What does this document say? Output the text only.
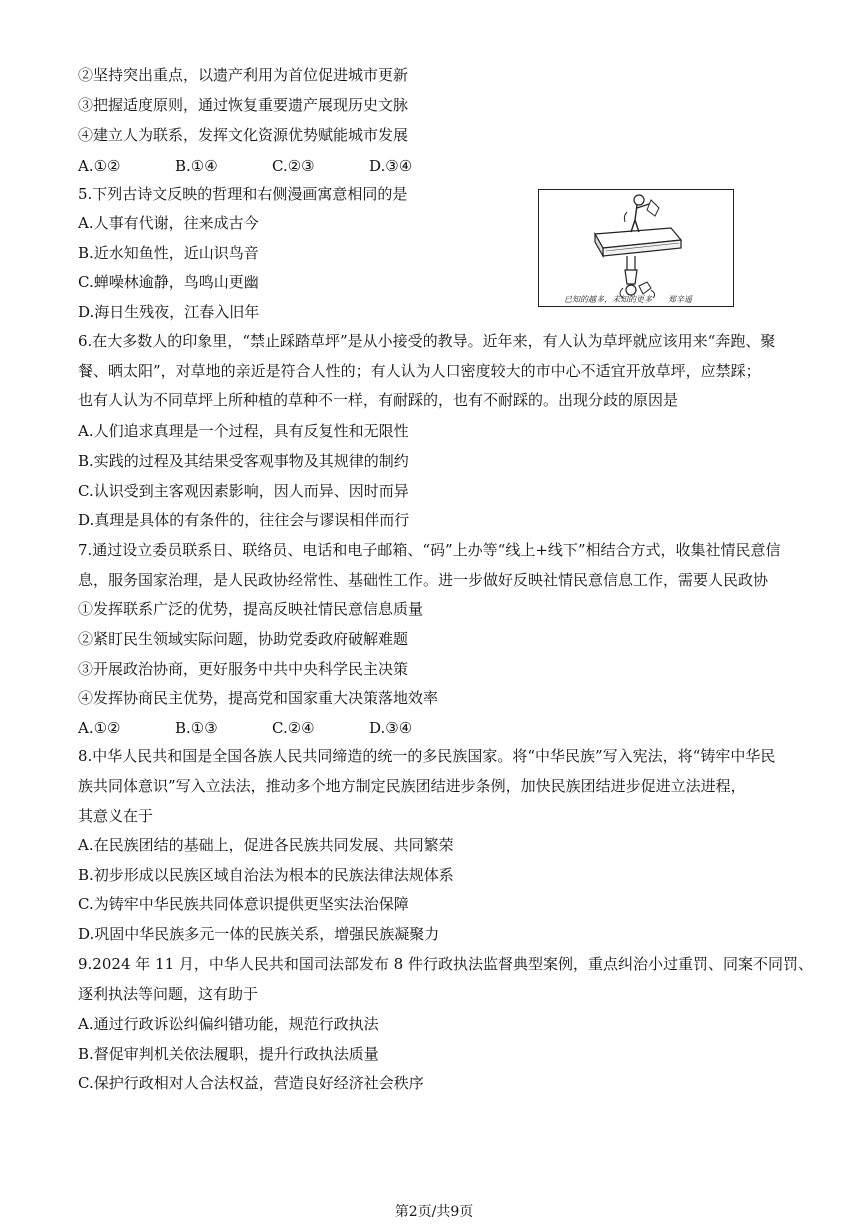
②坚持突出重点，以遗产利用为首位促进城市更新
③把握适度原则，通过恢复重要遗产展现历史文脉
④建立人为联系，发挥文化资源优势赋能城市发展
A.①②	B.①④	C.②③	D.③④
5.下列古诗文反映的哲理和右侧漫画寓意相同的是
A.人事有代谢，往来成古今
B.近水知鱼性，近山识鸟音
C.蝉噪林逾静，鸟鸣山更幽
D.海日生残夜，江春入旧年
已知的越多，未知的更多　　郑辛遥
6.在大多数人的印象里，“禁止踩踏草坪”是从小接受的教导。近年来，有人认为草坪就应该用来“奔跑、聚
餐、晒太阳”，对草地的亲近是符合人性的；有人认为人口密度较大的市中心不适宜开放草坪，应禁踩；
也有人认为不同草坪上所种植的草种不一样，有耐踩的，也有不耐踩的。出现分歧的原因是
A.人们追求真理是一个过程，具有反复性和无限性
B.实践的过程及其结果受客观事物及其规律的制约
C.认识受到主客观因素影响，因人而异、因时而异
D.真理是具体的有条件的，往往会与谬误相伴而行
7.通过设立委员联系日、联络员、电话和电子邮箱、“码”上办等“线上+线下”相结合方式，收集社情民意信
息，服务国家治理，是人民政协经常性、基础性工作。进一步做好反映社情民意信息工作，需要人民政协
①发挥联系广泛的优势，提高反映社情民意信息质量
②紧盯民生领域实际问题，协助党委政府破解难题
③开展政治协商，更好服务中共中央科学民主决策
④发挥协商民主优势，提高党和国家重大决策落地效率
A.①②	B.①③	C.②④	D.③④
8.中华人民共和国是全国各族人民共同缔造的统一的多民族国家。将“中华民族”写入宪法，将“铸牢中华民
族共同体意识”写入立法法，推动多个地方制定民族团结进步条例，加快民族团结进步促进立法进程，
其意义在于
A.在民族团结的基础上，促进各民族共同发展、共同繁荣
B.初步形成以民族区域自治法为根本的民族法律法规体系
C.为铸牢中华民族共同体意识提供更坚实法治保障
D.巩固中华民族多元一体的民族关系，增强民族凝聚力
9.2024 年 11 月，中华人民共和国司法部发布 8 件行政执法监督典型案例，重点纠治小过重罚、同案不同罚、
逐利执法等问题，这有助于
A.通过行政诉讼纠偏纠错功能，规范行政执法
B.督促审判机关依法履职，提升行政执法质量
C.保护行政相对人合法权益，营造良好经济社会秩序
第2页/共9页
